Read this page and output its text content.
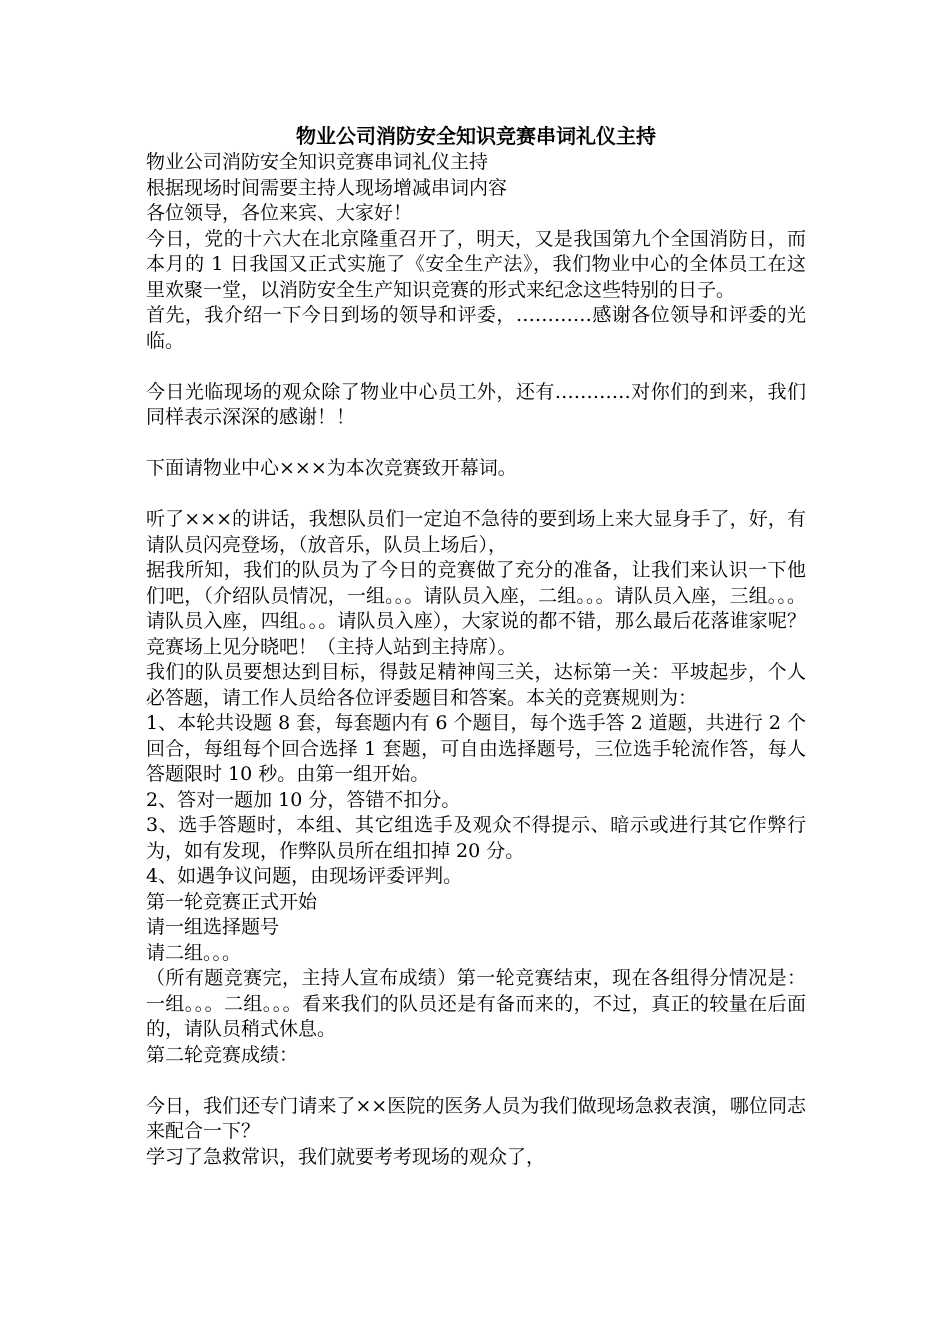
物业公司消防安全知识竞赛串词礼仪主持

物业公司消防安全知识竞赛串词礼仪主持

根据现场时间需要主持人现场增减串词内容

各位领导，各位来宾、大家好！

今日，党的十六大在北京隆重召开了，明天，又是我国第九个全国消防日，而本月的 1 日我国又正式实施了《安全生产法》，我们物业中心的全体员工在这里欢聚一堂，以消防安全生产知识竞赛的形式来纪念这些特别的日子。

首先，我介绍一下今日到场的领导和评委，…………感谢各位领导和评委的光临。

今日光临现场的观众除了物业中心员工外，还有…………对你们的到来，我们同样表示深深的感谢！！

下面请物业中心×××为本次竞赛致开幕词。

听了×××的讲话，我想队员们一定迫不急待的要到场上来大显身手了，好，有请队员闪亮登场，（放音乐，队员上场后），

据我所知，我们的队员为了今日的竞赛做了充分的准备，让我们来认识一下他们吧，（介绍队员情况，一组。。。请队员入座，二组。。。请队员入座，三组。。。请队员入座，四组。。。请队员入座），大家说的都不错，那么最后花落谁家呢？竞赛场上见分晓吧！（主持人站到主持席）。

我们的队员要想达到目标，得鼓足精神闯三关，达标第一关：平坡起步，个人必答题，请工作人员给各位评委题目和答案。本关的竞赛规则为：

1、本轮共设题 8 套，每套题内有 6 个题目，每个选手答 2 道题，共进行 2 个回合，每组每个回合选择 1 套题，可自由选择题号，三位选手轮流作答，每人答题限时 10 秒。由第一组开始。

2、答对一题加 10 分，答错不扣分。

3、选手答题时，本组、其它组选手及观众不得提示、暗示或进行其它作弊行为，如有发现，作弊队员所在组扣掉 20 分。

4、如遇争议问题，由现场评委评判。

第一轮竞赛正式开始

请一组选择题号

请二组。。。

（所有题竞赛完，主持人宣布成绩）第一轮竞赛结束，现在各组得分情况是：一组。。。二组。。。看来我们的队员还是有备而来的，不过，真正的较量在后面的，请队员稍式休息。

第二轮竞赛成绩：

今日，我们还专门请来了××医院的医务人员为我们做现场急救表演，哪位同志来配合一下？

学习了急救常识，我们就要考考现场的观众了，
